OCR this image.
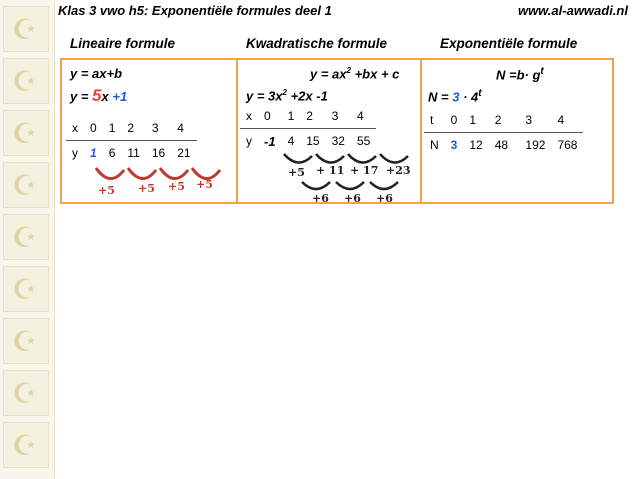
☪
☪
☪
☪
☪
☪
☪
☪
☪
Klas 3 vwo h5: Exponentiële formules deel 1	www.al-awwadi.nl
Lineaire formule	Kwadratische formule	Exponentiële formule
y = ax+b
y = 5x +1
x	0	1	2	3	4
y	1	6	11	16	21
+5 +5 +5 +5
$y = ax^2 +bx + c$
$y = 3x^2 +2x$ -1
x	0	1	2	3	4
y	-1	4	15	32	55
+5 + 11 + 17 +23
+6 +6 +6
$N =b\cdot g^t$
$N = 3 \cdot 4^t$
t	0	1	2	3	4
N	3	12	48	192	768
